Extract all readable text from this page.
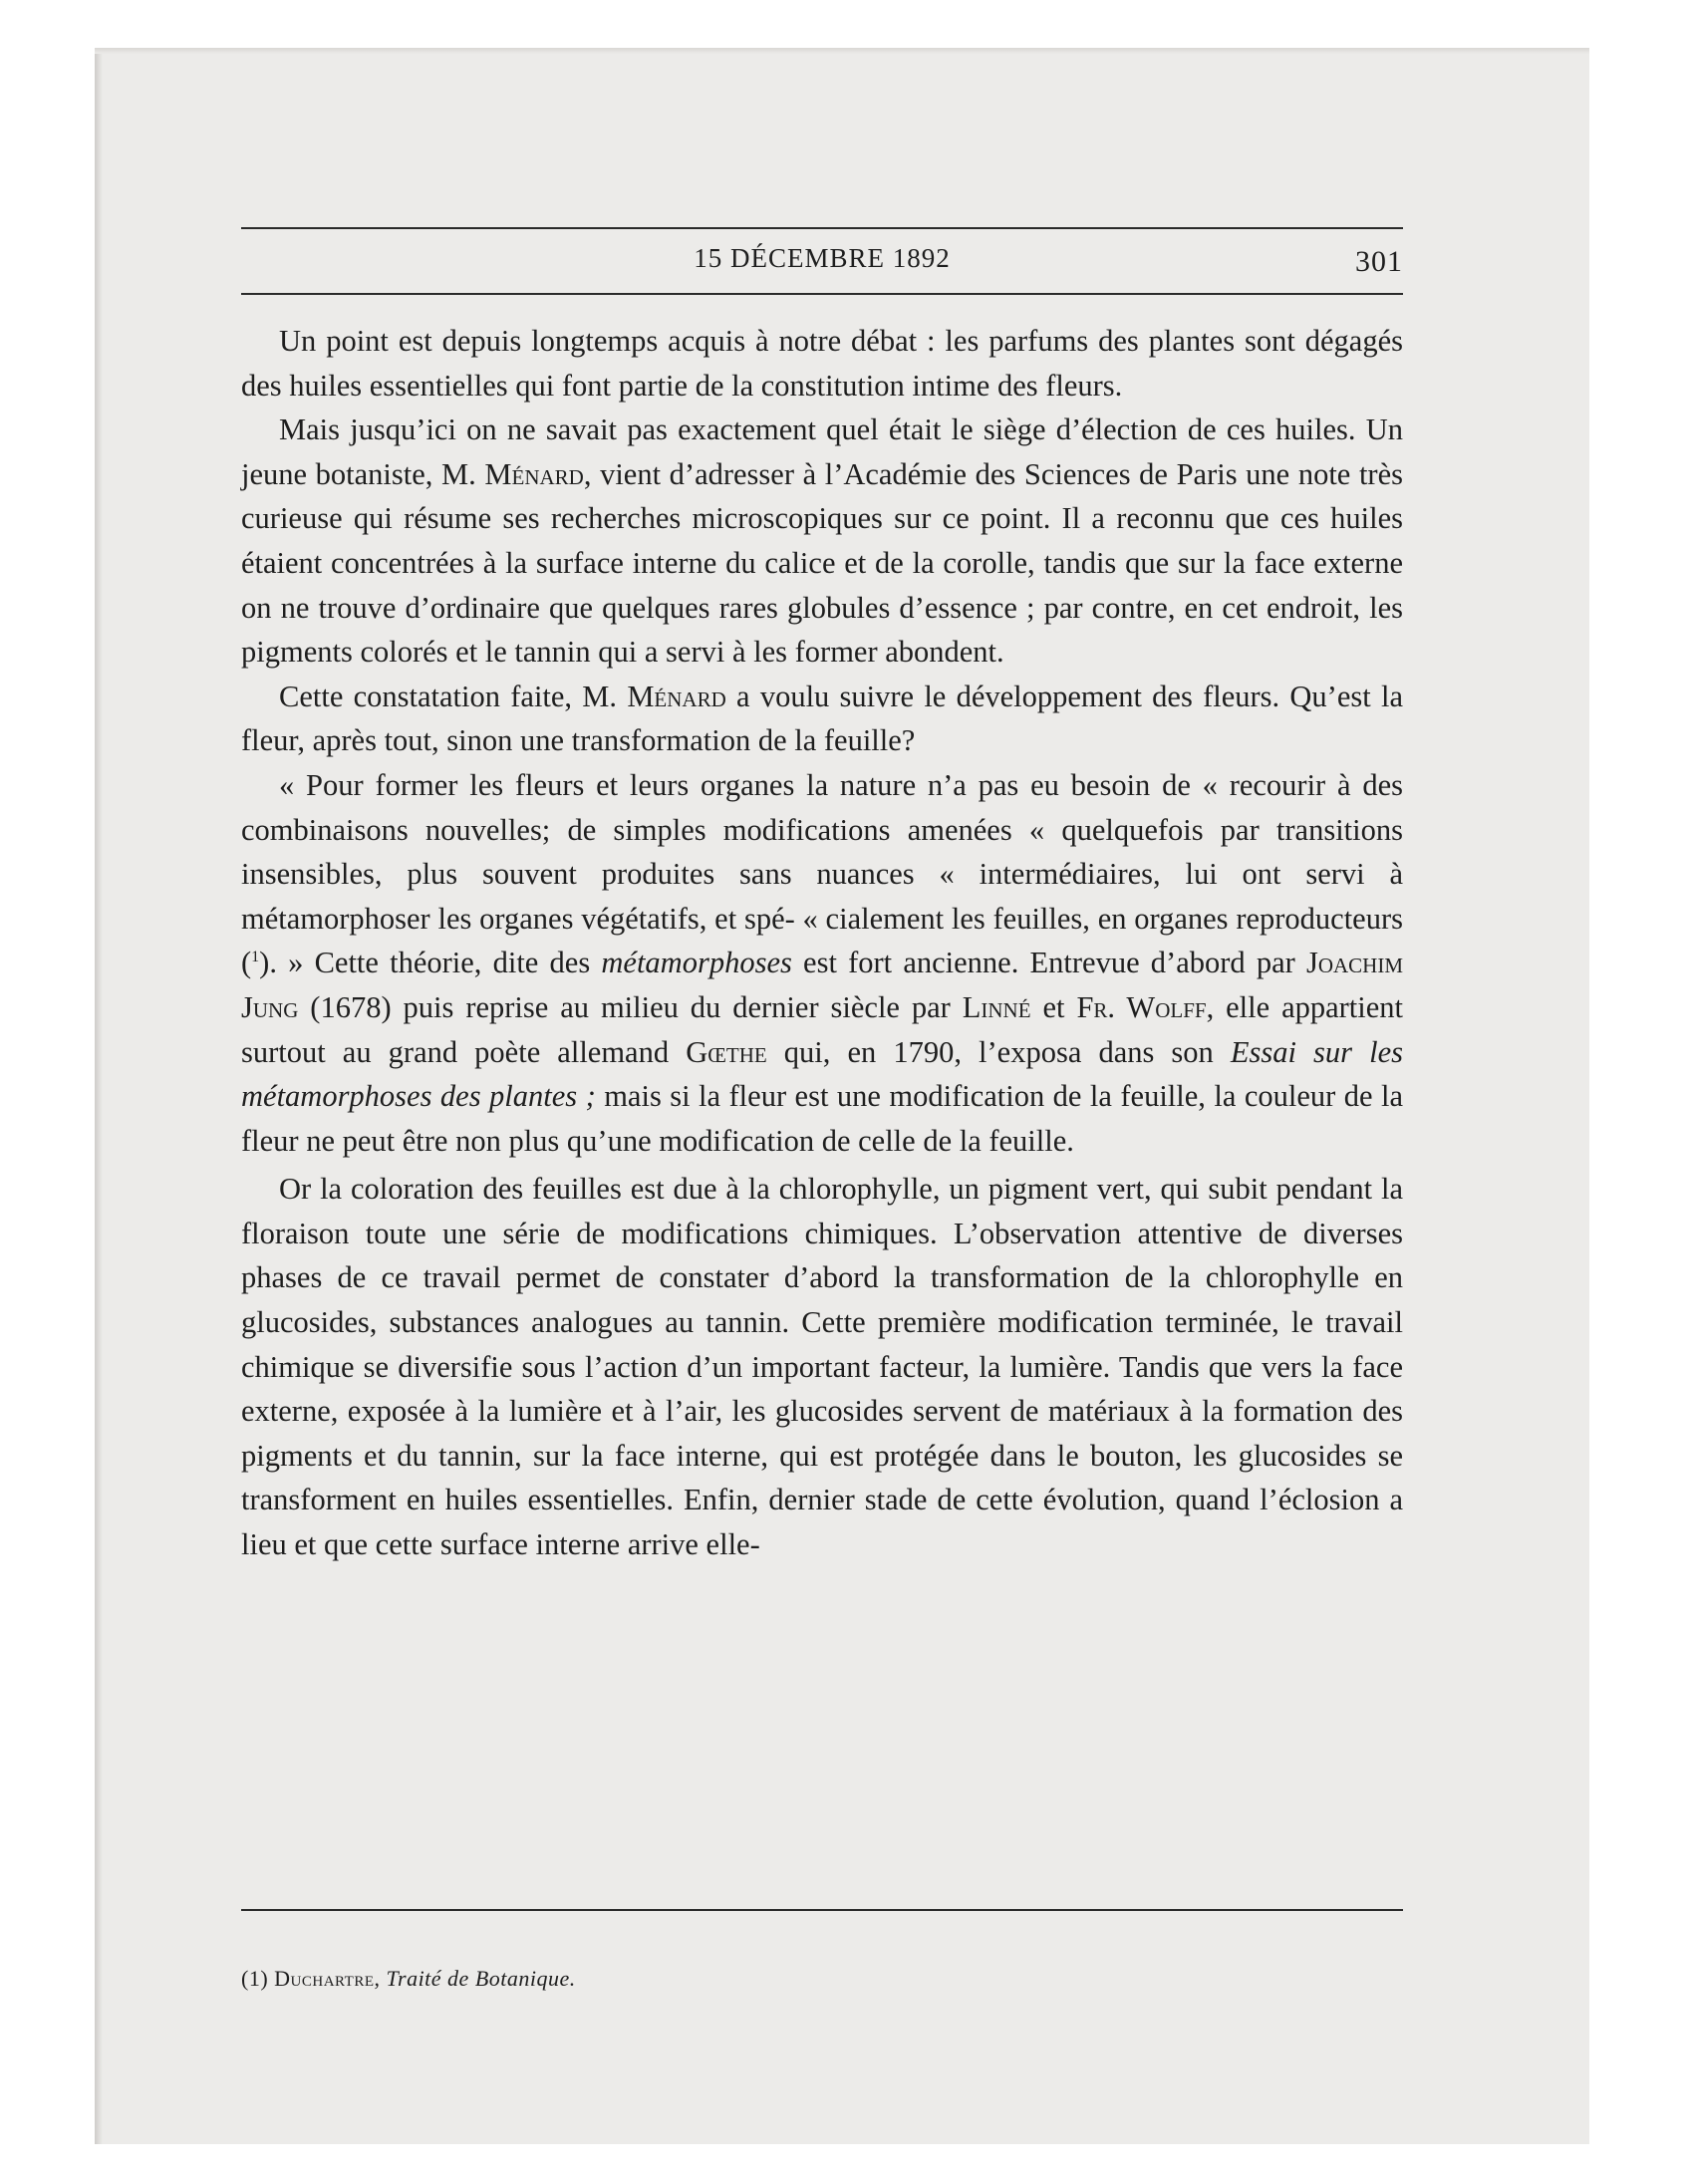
15 DÉCEMBRE 1892	301

Un point est depuis longtemps acquis à notre débat : les parfums des plantes sont dégagés des huiles essentielles qui font partie de la constitution intime des fleurs.

Mais jusqu’ici on ne savait pas exactement quel était le siège d’élection de ces huiles. Un jeune botaniste, M. Ménard, vient d’adresser à l’Académie des Sciences de Paris une note très curieuse qui résume ses recherches microscopiques sur ce point. Il a reconnu que ces huiles étaient concentrées à la surface interne du calice et de la corolle, tandis que sur la face externe on ne trouve d’ordinaire que quelques rares globules d’essence ; par contre, en cet endroit, les pigments colorés et le tannin qui a servi à les former abondent.

Cette constatation faite, M. Ménard a voulu suivre le développement des fleurs. Qu’est la fleur, après tout, sinon une transformation de la feuille?

« Pour former les fleurs et leurs organes la nature n’a pas eu besoin de « recourir à des combinaisons nouvelles; de simples modifications amenées « quelquefois par transitions insensibles, plus souvent produites sans nuances « intermédiaires, lui ont servi à métamorphoser les organes végétatifs, et spé- « cialement les feuilles, en organes reproducteurs ($^1$). » Cette théorie, dite des métamorphoses est fort ancienne. Entrevue d’abord par Joachim Jung (1678) puis reprise au milieu du dernier siècle par Linné et Fr. Wolff, elle appartient surtout au grand poète allemand Gœthe qui, en 1790, l’exposa dans son Essai sur les métamorphoses des plantes ; mais si la fleur est une modification de la feuille, la couleur de la fleur ne peut être non plus qu’une modification de celle de la feuille.

Or la coloration des feuilles est due à la chlorophylle, un pigment vert, qui subit pendant la floraison toute une série de modifications chimiques. L’observation attentive de diverses phases de ce travail permet de constater d’abord la transformation de la chlorophylle en glucosides, substances analogues au tannin. Cette première modification terminée, le travail chimique se diversifie sous l’action d’un important facteur, la lumière. Tandis que vers la face externe, exposée à la lumière et à l’air, les glucosides servent de matériaux à la formation des pigments et du tannin, sur la face interne, qui est protégée dans le bouton, les glucosides se transforment en huiles essentielles. Enfin, dernier stade de cette évolution, quand l’éclosion a lieu et que cette surface interne arrive elle-

(1) Duchartre, Traité de Botanique.
